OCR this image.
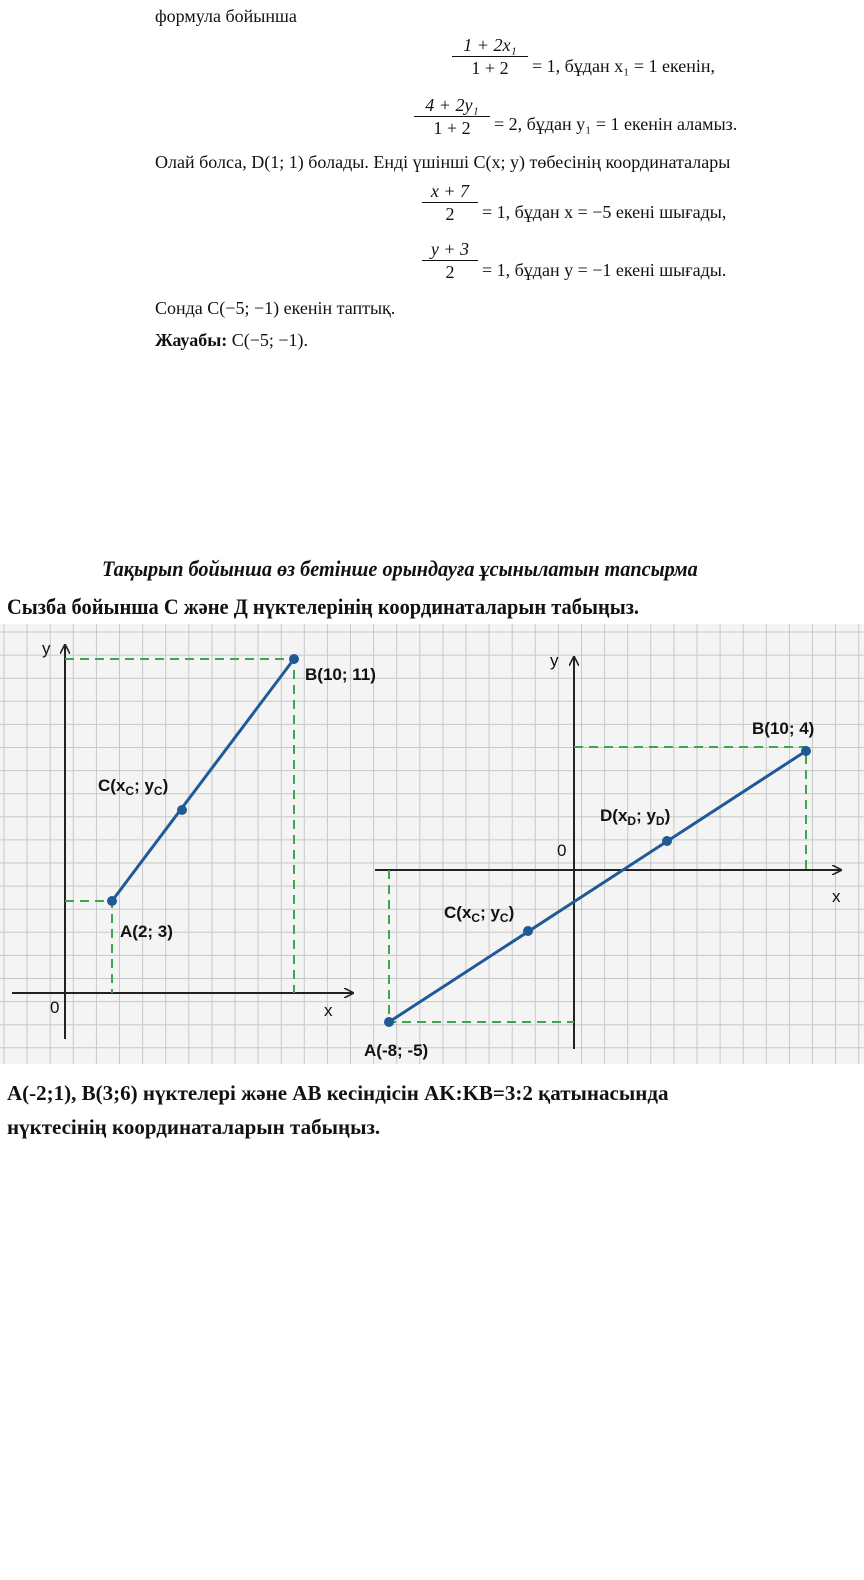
формула бойынша
$\frac{\text{1 + 2x₁}}{1 + 2} = 1$, бұдан x₁ = 1 екенін,
$\frac{\text{4 + 2y₁}}{1 + 2} = 2$, бұдан y₁ = 1 екенін аламыз.
Олай болса, D(1; 1) болады. Енді үшінші C(x; y) төбесінің координаталары
$\frac{x + 7}{2} = 1$, бұдан x = −5 екені шығады,
$\frac{y + 3}{2} = 1$, бұдан y = −1 екені шығады.
Сонда C(−5; −1) екенін таптық.
Жауабы: C(−5; −1).
Тақырып бойынша өз бетінше орындауға ұсынылатын тапсырма
Сызба бойынша С және Д нүктелерінің координаталарын табыңыз.
B(10; 11)
A(2; 3)
$C(x_C$; $y_C$)
y
x
0
B(10; 4)
A(-8; -5)
$C(x_C$; $y_C$)
$D(x_D$; $y_D$)
y
x
0
A(-2;1), B(3;6) нүктелері және AB кесіндісін AK:KB=3:2 қатынасында
нүктесінің координаталарын табыңыз.
